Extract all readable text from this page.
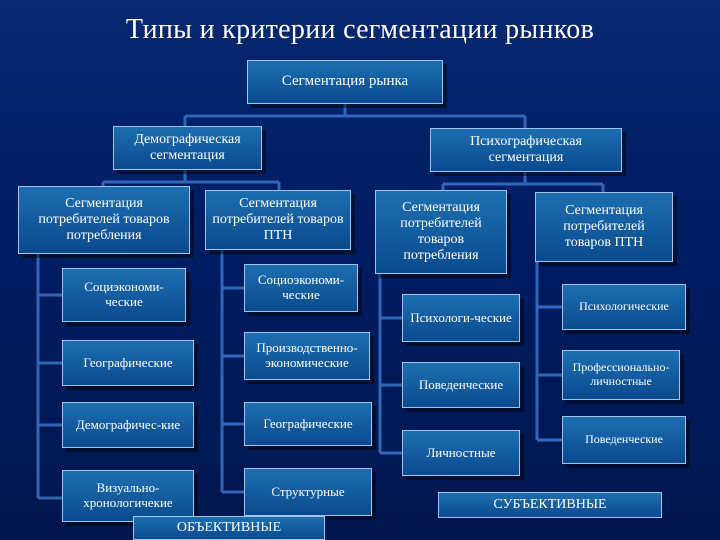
Типы и критерии сегментации рынков
Сегментация рынка
Демографическая сегментация
Психографическая сегментация
Сегментация потребителей товаров потребления
Сегментация потребителей товаров ПТН
Сегментация потребителей товаров потребления
Сегментация потребителей товаров ПТН
Социэкономи-ческие
Географические
Демографичес-кие
Визуально-хронологичекие
Социоэкономи-ческие
Производственно-экономические
Географические
Структурные
Психологи-ческие
Поведенческие
Личностные
Психологические
Профессионально-личностные
Поведенческие
ОБЪЕКТИВНЫЕ
СУБЪЕКТИВНЫЕ
